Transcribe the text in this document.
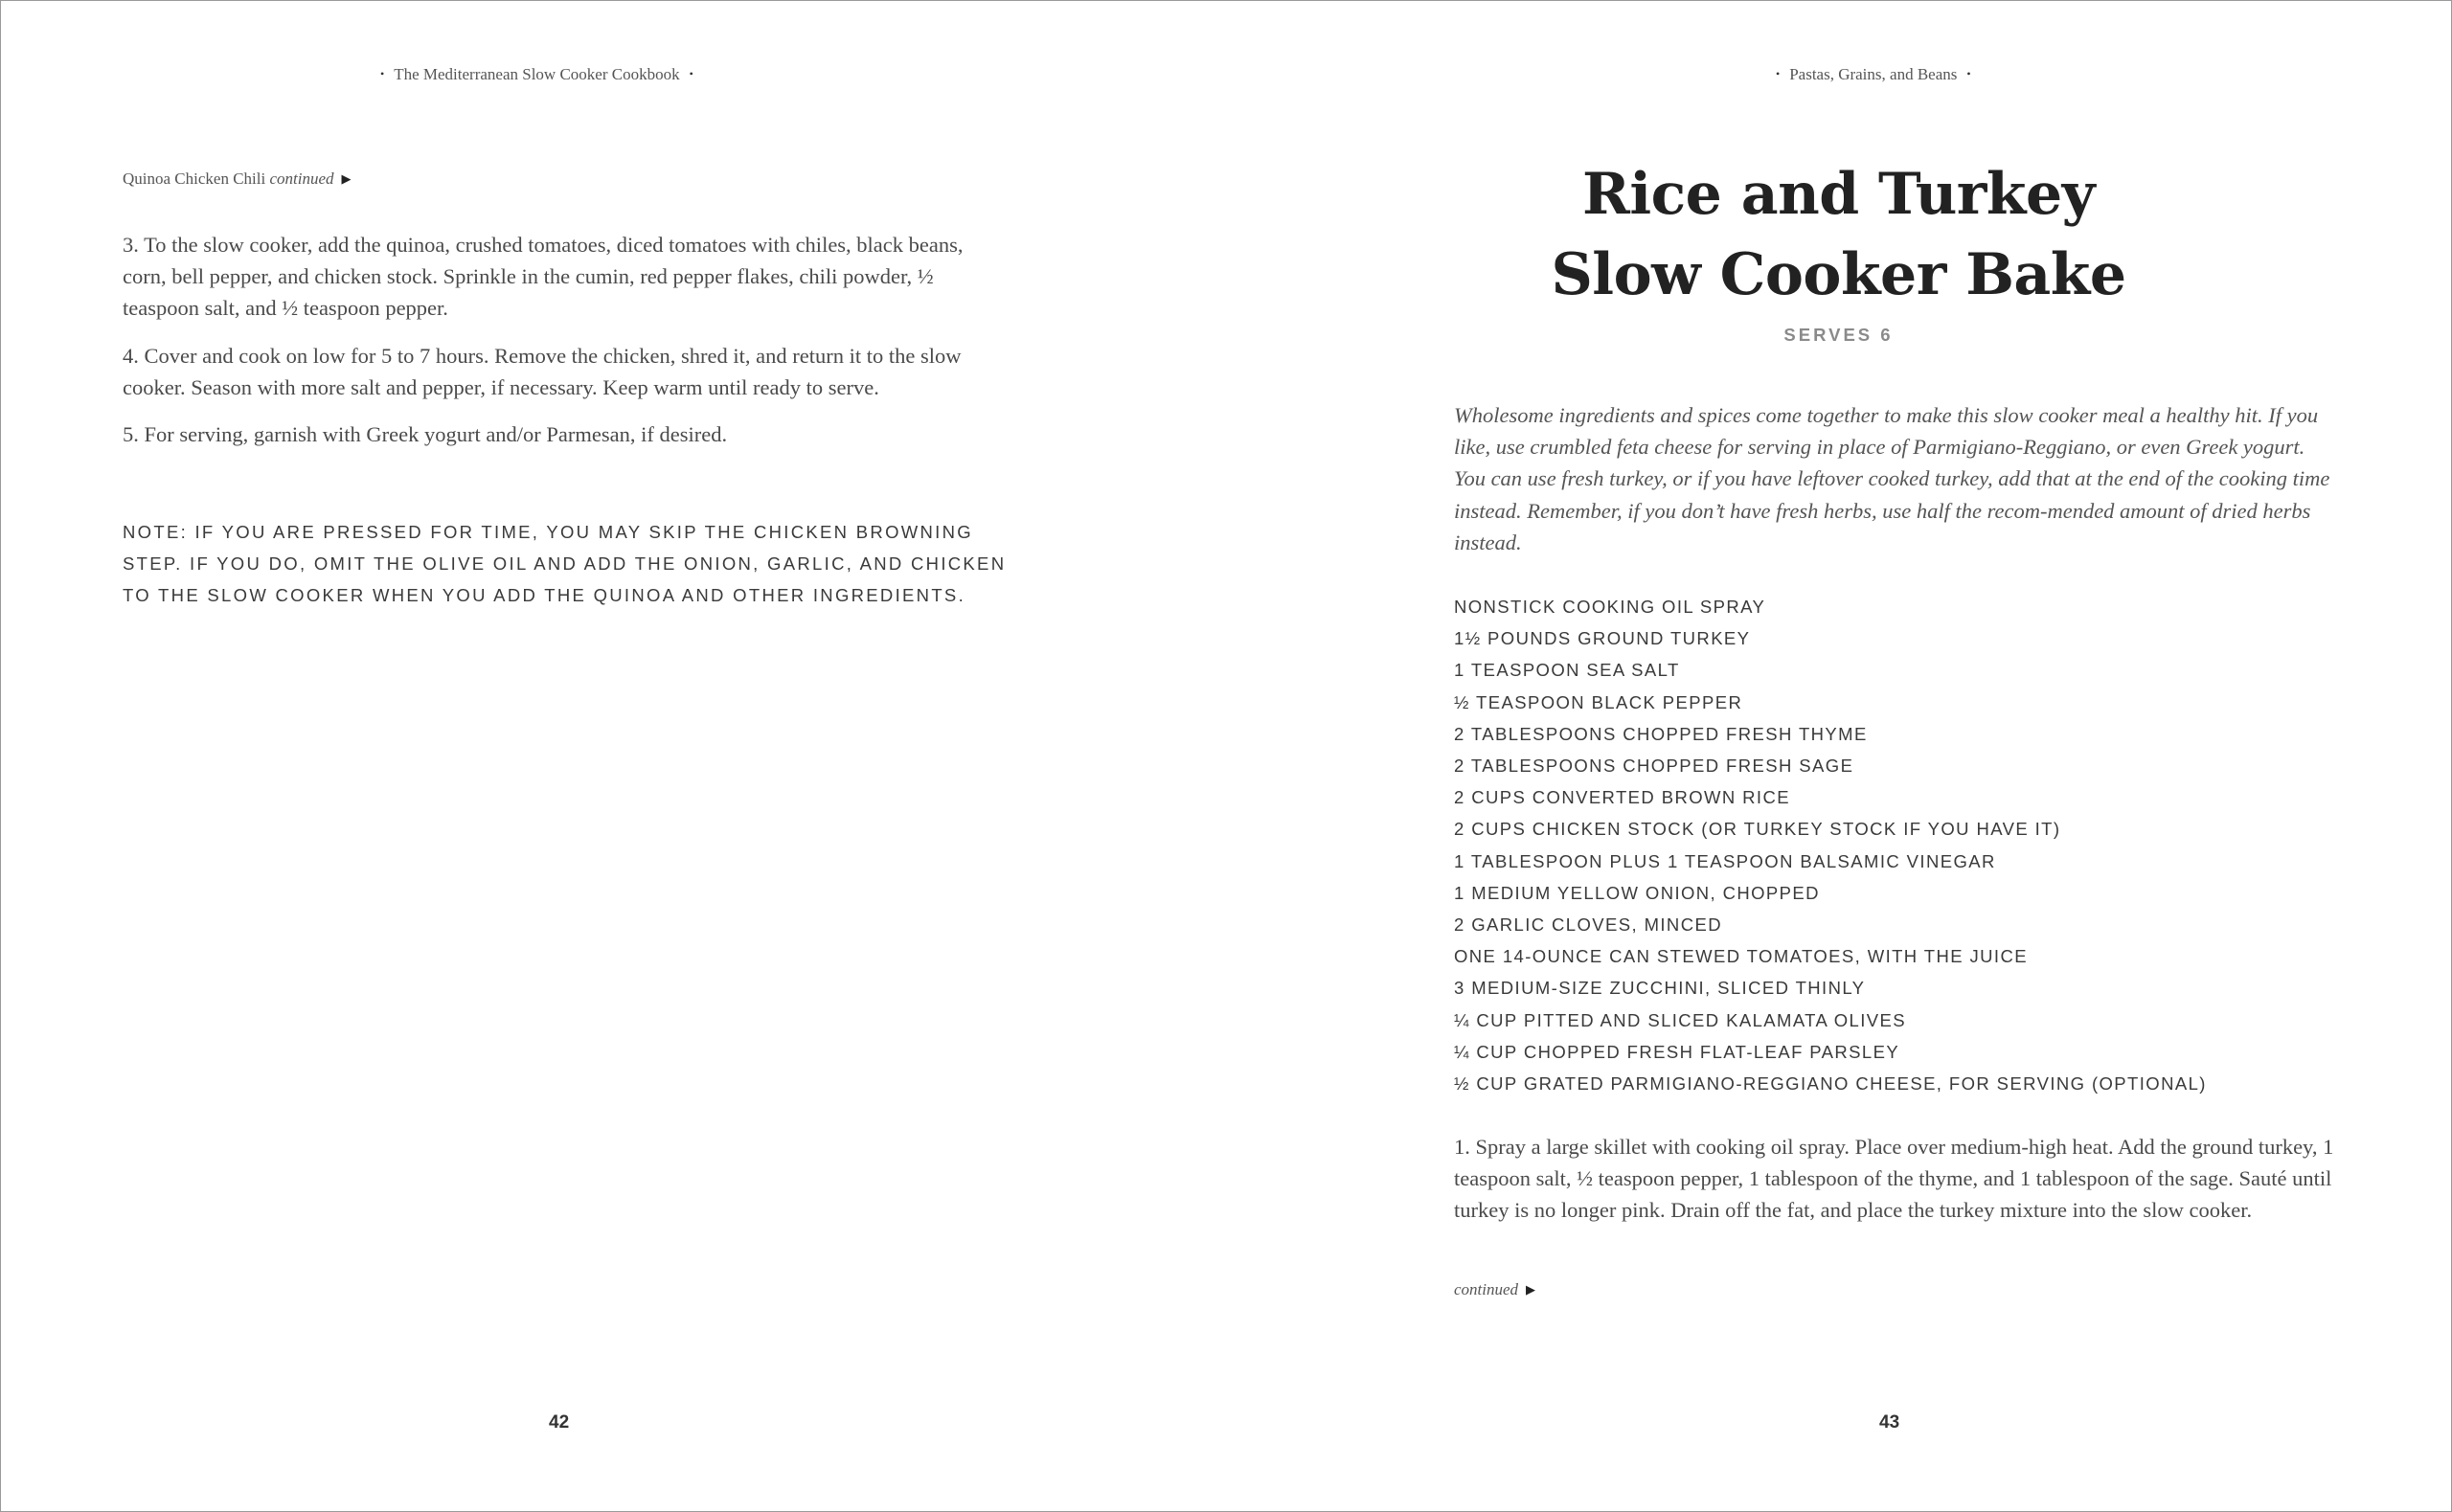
• The Mediterranean Slow Cooker Cookbook •
Quinoa Chicken Chili continued ▶

3. To the slow cooker, add the quinoa, crushed tomatoes, diced tomatoes with chiles, black beans, corn, bell pepper, and chicken stock. Sprinkle in the cumin, red pepper flakes, chili powder, ½ teaspoon salt, and ½ teaspoon pepper.

4. Cover and cook on low for 5 to 7 hours. Remove the chicken, shred it, and return it to the slow cooker. Season with more salt and pepper, if necessary. Keep warm until ready to serve.

5. For serving, garnish with Greek yogurt and/or Parmesan, if desired.

NOTE: IF YOU ARE PRESSED FOR TIME, YOU MAY SKIP THE CHICKEN BROWNING STEP. IF YOU DO, OMIT THE OLIVE OIL AND ADD THE ONION, GARLIC, AND CHICKEN TO THE SLOW COOKER WHEN YOU ADD THE QUINOA AND OTHER INGREDIENTS.
42
• Pastas, Grains, and Beans •
Rice and Turkey
Slow Cooker Bake
SERVES 6
Wholesome ingredients and spices come together to make this slow cooker meal a healthy hit. If you like, use crumbled feta cheese for serving in place of Parmigiano-Reggiano, or even Greek yogurt. You can use fresh turkey, or if you have leftover cooked turkey, add that at the end of the cooking time instead. Remember, if you don’t have fresh herbs, use half the recom-mended amount of dried herbs instead.
NONSTICK COOKING OIL SPRAY
1½ POUNDS GROUND TURKEY
1 TEASPOON SEA SALT
½ TEASPOON BLACK PEPPER
2 TABLESPOONS CHOPPED FRESH THYME
2 TABLESPOONS CHOPPED FRESH SAGE
2 CUPS CONVERTED BROWN RICE
2 CUPS CHICKEN STOCK (OR TURKEY STOCK IF YOU HAVE IT)
1 TABLESPOON PLUS 1 TEASPOON BALSAMIC VINEGAR
1 MEDIUM YELLOW ONION, CHOPPED
2 GARLIC CLOVES, MINCED
ONE 14-OUNCE CAN STEWED TOMATOES, WITH THE JUICE
3 MEDIUM-SIZE ZUCCHINI, SLICED THINLY
¼ CUP PITTED AND SLICED KALAMATA OLIVES
¼ CUP CHOPPED FRESH FLAT-LEAF PARSLEY
½ CUP GRATED PARMIGIANO-REGGIANO CHEESE, FOR SERVING (OPTIONAL)

1. Spray a large skillet with cooking oil spray. Place over medium-high heat. Add the ground turkey, 1 teaspoon salt, ½ teaspoon pepper, 1 tablespoon of the thyme, and 1 tablespoon of the sage. Sauté until turkey is no longer pink. Drain off the fat, and place the turkey mixture into the slow cooker.

continued ▶
43
